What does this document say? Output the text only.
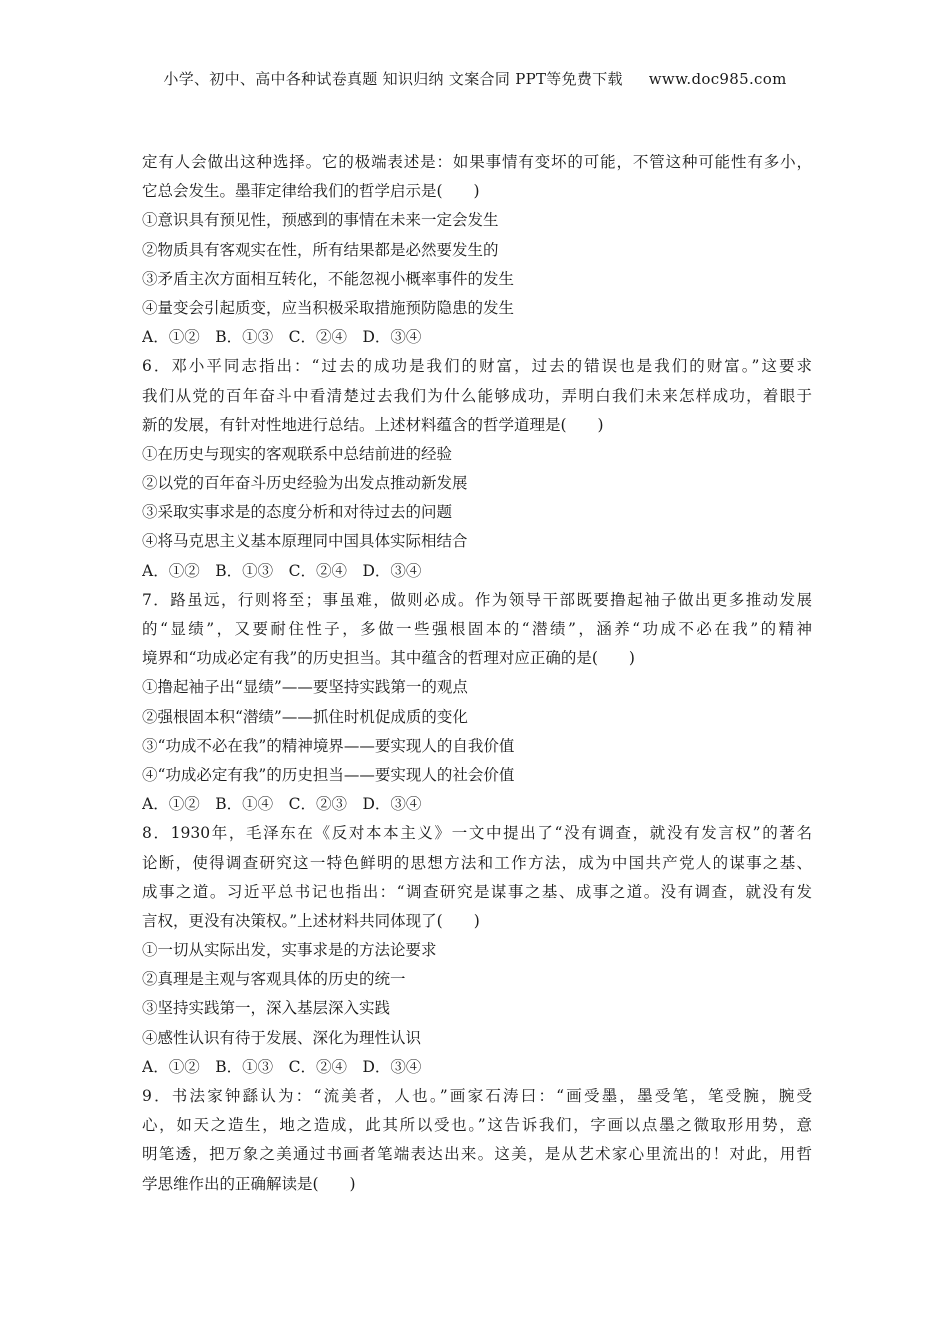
小学、初中、高中各种试卷真题 知识归纳 文案合同 PPT等免费下载 www.doc985.com
定有人会做出这种选择。它的极端表述是：如果事情有变坏的可能，不管这种可能性有多小，
它总会发生。墨菲定律给我们的哲学启示是(　　)
①意识具有预见性，预感到的事情在未来一定会发生
②物质具有客观实在性，所有结果都是必然要发生的
③矛盾主次方面相互转化，不能忽视小概率事件的发生
④量变会引起质变，应当积极采取措施预防隐患的发生
A．①②　B．①③　C．②④　D．③④
6．邓小平同志指出：“过去的成功是我们的财富，过去的错误也是我们的财富。”这要求
我们从党的百年奋斗中看清楚过去我们为什么能够成功，弄明白我们未来怎样成功，着眼于
新的发展，有针对性地进行总结。上述材料蕴含的哲学道理是(　　)
①在历史与现实的客观联系中总结前进的经验
②以党的百年奋斗历史经验为出发点推动新发展
③采取实事求是的态度分析和对待过去的问题
④将马克思主义基本原理同中国具体实际相结合
A．①②　B．①③　C．②④　D．③④
7．路虽远，行则将至；事虽难，做则必成。作为领导干部既要撸起袖子做出更多推动发展
的“显绩”，又要耐住性子，多做一些强根固本的“潜绩”，涵养“功成不必在我”的精神
境界和“功成必定有我”的历史担当。其中蕴含的哲理对应正确的是(　　)
①撸起袖子出“显绩”——要坚持实践第一的观点
②强根固本积“潜绩”——抓住时机促成质的变化
③“功成不必在我”的精神境界——要实现人的自我价值
④“功成必定有我”的历史担当——要实现人的社会价值
A．①②　B．①④　C．②③　D．③④
8．1930年，毛泽东在《反对本本主义》一文中提出了“没有调查，就没有发言权”的著名
论断，使得调查研究这一特色鲜明的思想方法和工作方法，成为中国共产党人的谋事之基、
成事之道。习近平总书记也指出：“调查研究是谋事之基、成事之道。没有调查，就没有发
言权，更没有决策权。”上述材料共同体现了(　　)
①一切从实际出发，实事求是的方法论要求
②真理是主观与客观具体的历史的统一
③坚持实践第一，深入基层深入实践
④感性认识有待于发展、深化为理性认识
A．①②　B．①③　C．②④　D．③④
9．书法家钟繇认为：“流美者，人也。”画家石涛曰：“画受墨，墨受笔，笔受腕，腕受
心，如天之造生，地之造成，此其所以受也。”这告诉我们，字画以点墨之微取形用势，意
明笔透，把万象之美通过书画者笔端表达出来。这美，是从艺术家心里流出的！对此，用哲
学思维作出的正确解读是(　　)
